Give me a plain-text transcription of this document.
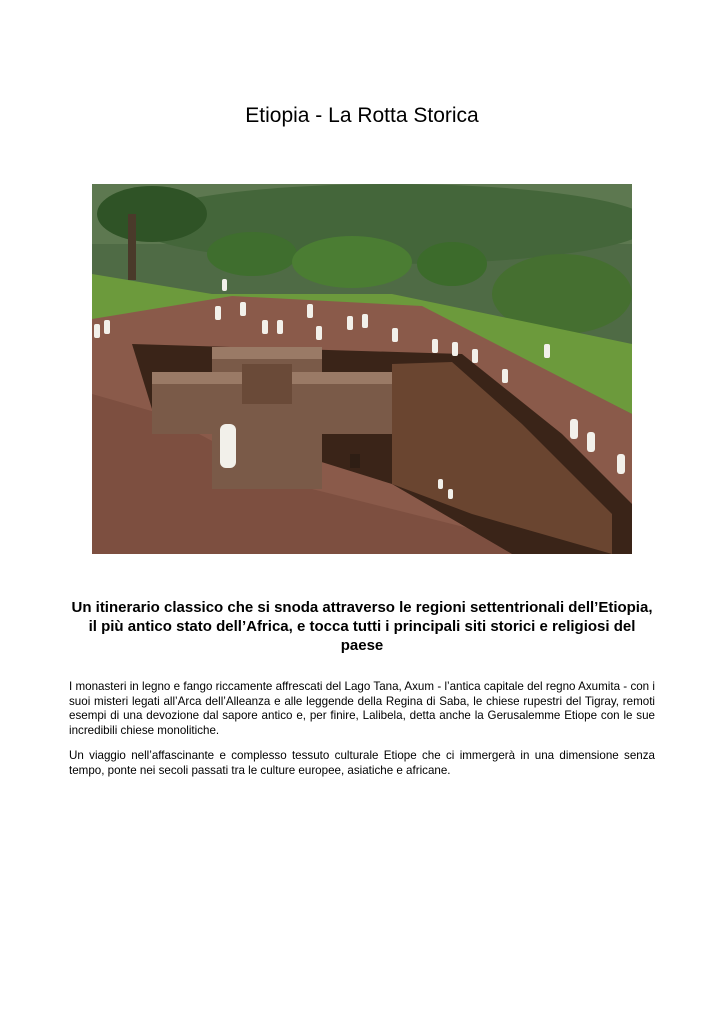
Etiopia - La Rotta Storica
Un itinerario classico che si snoda attraverso le regioni settentrionali dell’Etiopia, il più antico stato dell’Africa, e tocca tutti i principali siti storici e religiosi del paese

I monasteri in legno e fango riccamente affrescati del Lago Tana, Axum - l’antica capitale del regno Axumita - con i suoi misteri legati all’Arca dell’Alleanza e alle leggende della Regina di Saba, le chiese rupestri del Tigray, remoti esempi di una devozione dal sapore antico e, per finire, Lalibela, detta anche la Gerusalemme Etiope con le sue incredibili chiese monolitiche.

Un viaggio nell’affascinante e complesso tessuto culturale Etiope che ci immergerà in una dimensione senza tempo, ponte nei secoli passati tra le culture europee, asiatiche e africane.
